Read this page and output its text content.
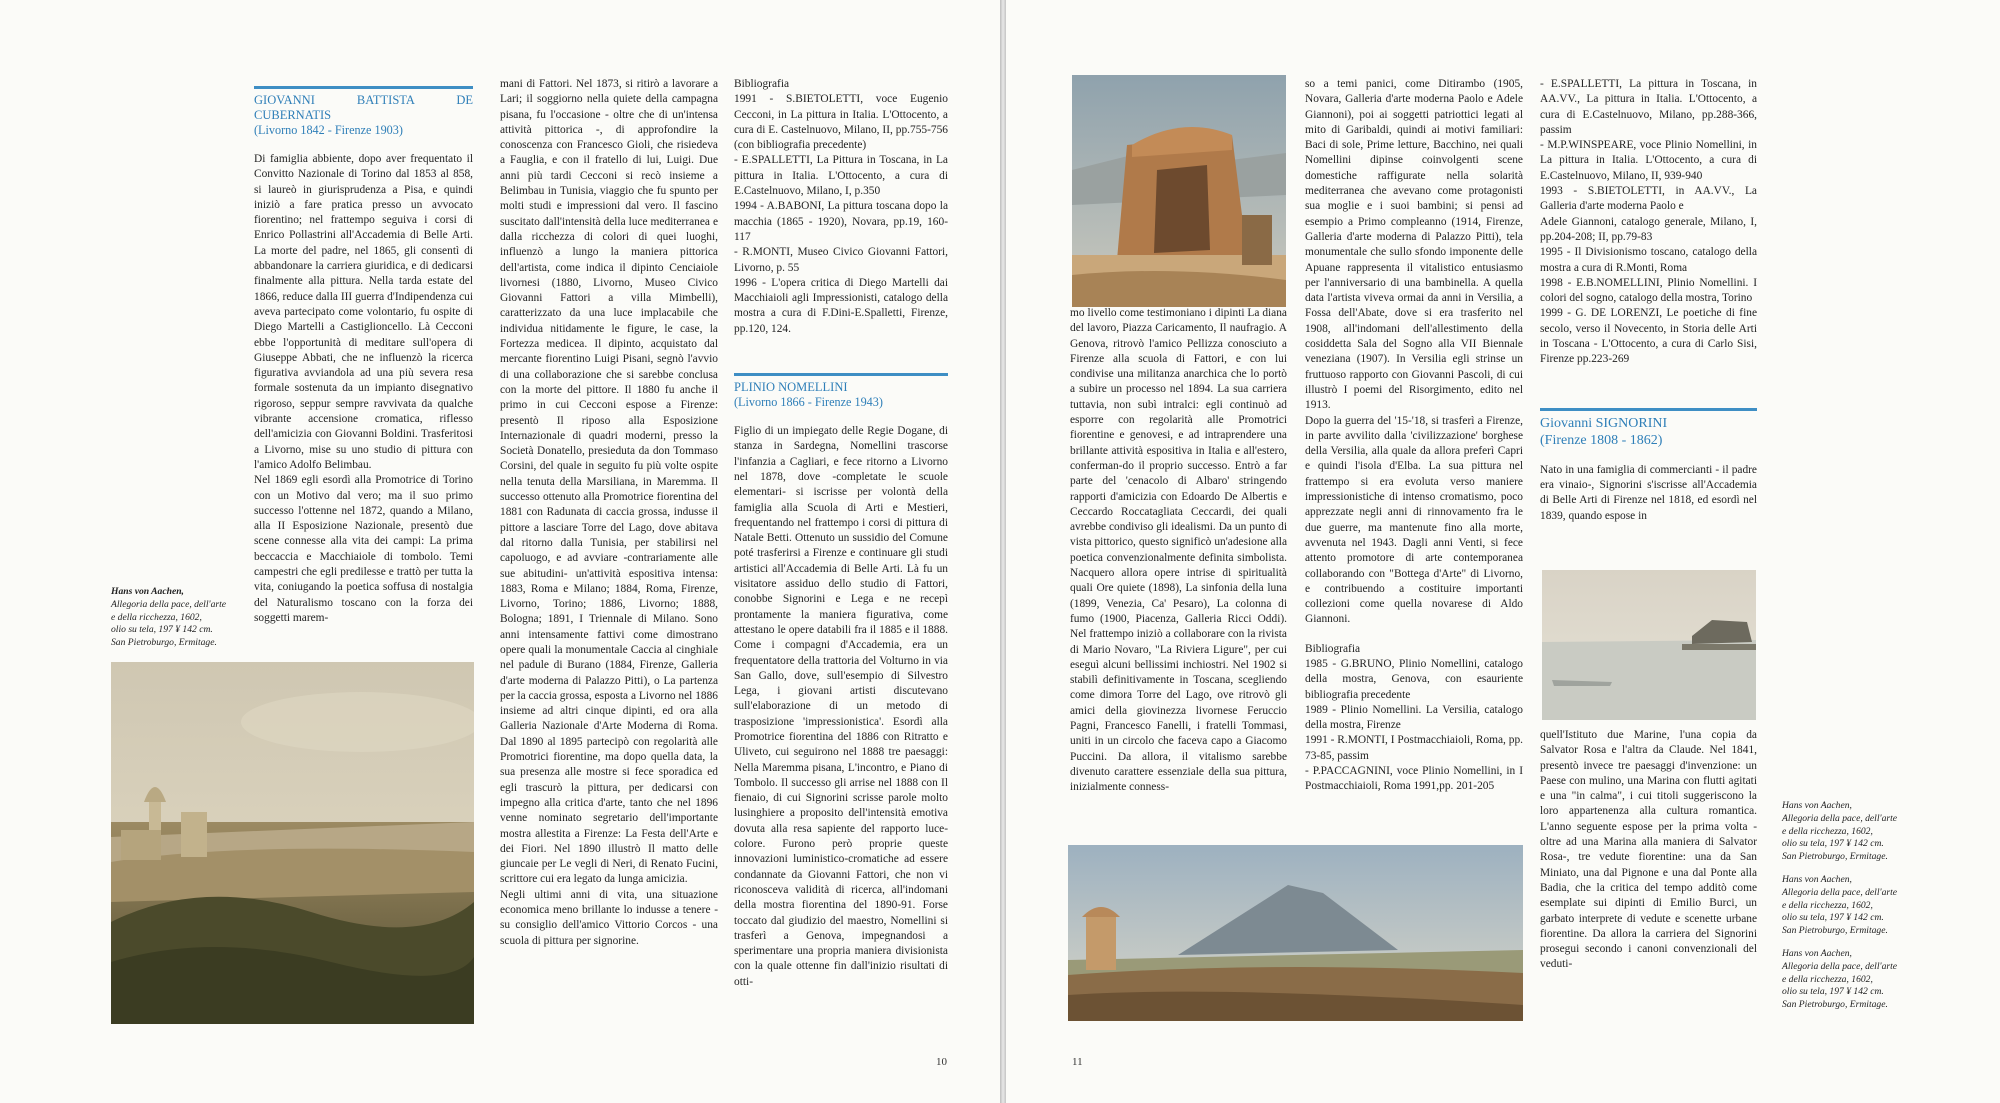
Hans von Aachen,
Allegoria della pace, dell'arte
e della ricchezza, 1602,
olio su tela, 197 ¥ 142 cm.
San Pietroburgo, Ermitage.
GIOVANNI BATTISTA DE CUBERNATIS
(Livorno 1842 - Firenze 1903)

Di famiglia abbiente, dopo aver frequentato il Convitto Nazionale di Torino dal 1853 al 858, si laureò in giurisprudenza a Pisa, e quindi iniziò a fare pratica presso un avvocato fiorentino; nel frattempo seguiva i corsi di Enrico Pollastrini all'Accademia di Belle Arti. La morte del padre, nel 1865, gli consentì di abbandonare la carriera giuridica, e di dedicarsi finalmente alla pittura. Nella tarda estate del 1866, reduce dalla III guerra d'Indipendenza cui aveva partecipato come volontario, fu ospite di Diego Martelli a Castiglioncello. Là Cecconi ebbe l'opportunità di meditare sull'opera di Giuseppe Abbati, che ne influenzò la ricerca figurativa avviandola ad una più severa resa formale sostenuta da un impianto disegnativo rigoroso, seppur sempre ravvivata da qualche vibrante accensione cromatica, riflesso dell'amicizia con Giovanni Boldini. Trasferitosi a Livorno, mise su uno studio di pittura con l'amico Adolfo Belimbau.
Nel 1869 egli esordì alla Promotrice di Torino con un Motivo dal vero; ma il suo primo successo l'ottenne nel 1872, quando a Milano, alla II Esposizione Nazionale, presentò due scene connesse alla vita dei campi: La prima beccaccia e Macchiaiole di tombolo. Temi campestri che egli predilesse e trattò per tutta la vita, coniugando la poetica soffusa di nostalgia del Naturalismo toscano con la forza dei soggetti marem-

mani di Fattori. Nel 1873, si ritirò a lavorare a Lari; il soggiorno nella quiete della campagna pisana, fu l'occasione - oltre che di un'intensa attività pittorica -, di approfondire la conoscenza con Francesco Gioli, che risiedeva a Fauglia, e con il fratello di lui, Luigi. Due anni più tardi Cecconi si recò insieme a Belimbau in Tunisia, viaggio che fu spunto per molti studi e impressioni dal vero. Il fascino suscitato dall'intensità della luce mediterranea e dalla ricchezza di colori di quei luoghi, influenzò a lungo la maniera pittorica dell'artista, come indica il dipinto Cenciaiole livornesi (1880, Livorno, Museo Civico Giovanni Fattori a villa Mimbelli), caratterizzato da una luce implacabile che individua nitidamente le figure, le case, la Fortezza medicea. Il dipinto, acquistato dal mercante fiorentino Luigi Pisani, segnò l'avvio di una collaborazione che si sarebbe conclusa con la morte del pittore. Il 1880 fu anche il primo in cui Cecconi espose a Firenze: presentò Il riposo alla Esposizione Internazionale di quadri moderni, presso la Società Donatello, presieduta da don Tommaso Corsini, del quale in seguito fu più volte ospite nella tenuta della Marsiliana, in Maremma. Il successo ottenuto alla Promotrice fiorentina del 1881 con Radunata di caccia grossa, indusse il pittore a lasciare Torre del Lago, dove abitava dal ritorno dalla Tunisia, per stabilirsi nel capoluogo, e ad avviare -contrariamente alle sue abitudini- un'attività espositiva intensa: 1883, Roma e Milano; 1884, Roma, Firenze, Livorno, Torino; 1886, Livorno; 1888, Bologna; 1891, I Triennale di Milano. Sono anni intensamente fattivi come dimostrano opere quali la monumentale Caccia al cinghiale nel padule di Burano (1884, Firenze, Galleria d'arte moderna di Palazzo Pitti), o La partenza per la caccia grossa, esposta a Livorno nel 1886 insieme ad altri cinque dipinti, ed ora alla Galleria Nazionale d'Arte Moderna di Roma. Dal 1890 al 1895 partecipò con regolarità alle Promotrici fiorentine, ma dopo quella data, la sua presenza alle mostre si fece sporadica ed egli trascurò la pittura, per dedicarsi con impegno alla critica d'arte, tanto che nel 1896 venne nominato segretario dell'importante mostra allestita a Firenze: La Festa dell'Arte e dei Fiori. Nel 1890 illustrò Il matto delle giuncaie per Le vegli di Neri, di Renato Fucini, scrittore cui era legato da lunga amicizia.
Negli ultimi anni di vita, una situazione economica meno brillante lo indusse a tenere - su consiglio dell'amico Vittorio Corcos - una scuola di pittura per signorine.

Bibliografia
1991 - S.BIETOLETTI, voce Eugenio Cecconi, in La pittura in Italia. L'Ottocento, a cura di E. Castelnuovo, Milano, II, pp.755-756 (con bibliografia precedente)
- E.SPALLETTI, La Pittura in Toscana, in La pittura in Italia. L'Ottocento, a cura di E.Castelnuovo, Milano, I, p.350
1994 - A.BABONI, La pittura toscana dopo la macchia (1865 - 1920), Novara, pp.19, 160-117
- R.MONTI, Museo Civico Giovanni Fattori, Livorno, p. 55
1996 - L'opera critica di Diego Martelli dai Macchiaioli agli Impressionisti, catalogo della mostra a cura di F.Dini-E.Spalletti, Firenze, pp.120, 124.

PLINIO NOMELLINI
(Livorno 1866 - Firenze 1943)

Figlio di un impiegato delle Regie Dogane, di stanza in Sardegna, Nomellini trascorse l'infanzia a Cagliari, e fece ritorno a Livorno nel 1878, dove -completate le scuole elementari- si iscrisse per volontà della famiglia alla Scuola di Arti e Mestieri, frequentando nel frattempo i corsi di pittura di Natale Betti. Ottenuto un sussidio del Comune poté trasferirsi a Firenze e continuare gli studi artistici all'Accademia di Belle Arti. Là fu un visitatore assiduo dello studio di Fattori, conobbe Signorini e Lega e ne recepì prontamente la maniera figurativa, come attestano le opere databili fra il 1885 e il 1888. Come i compagni d'Accademia, era un frequentatore della trattoria del Volturno in via San Gallo, dove, sull'esempio di Silvestro Lega, i giovani artisti discutevano sull'elaborazione di un metodo di trasposizione 'impressionistica'. Esordì alla Promotrice fiorentina del 1886 con Ritratto e Uliveto, cui seguirono nel 1888 tre paesaggi: Nella Maremma pisana, L'incontro, e Piano di Tombolo. Il successo gli arrise nel 1888 con Il fienaio, di cui Signorini scrisse parole molto lusinghiere a proposito dell'intensità emotiva dovuta alla resa sapiente del rapporto luce-colore. Furono però proprie queste innovazioni luministico-cromatiche ad essere condannate da Giovanni Fattori, che non vi riconosceva validità di ricerca, all'indomani della mostra fiorentina del 1890-91. Forse toccato dal giudizio del maestro, Nomellini si trasferì a Genova, impegnandosi a sperimentare una propria maniera divisionista con la quale ottenne fin dall'inizio risultati di otti-

10

mo livello come testimoniano i dipinti La diana del lavoro, Piazza Caricamento, Il naufragio. A Genova, ritrovò l'amico Pellizza conosciuto a Firenze alla scuola di Fattori, e con lui condivise una militanza anarchica che lo portò a subire un processo nel 1894. La sua carriera tuttavia, non subì intralci: egli continuò ad esporre con regolarità alle Promotrici fiorentine e genovesi, e ad intraprendere una brillante attività espositiva in Italia e all'estero, conferman-do il proprio successo. Entrò a far parte del 'cenacolo di Albaro' stringendo rapporti d'amicizia con Edoardo De Albertis e Ceccardo Roccatagliata Ceccardi, dei quali avrebbe condiviso gli idealismi. Da un punto di vista pittorico, questo significò un'adesione alla poetica convenzionalmente definita simbolista. Nacquero allora opere intrise di spiritualità quali Ore quiete (1898), La sinfonia della luna (1899, Venezia, Ca' Pesaro), La colonna di fumo (1900, Piacenza, Galleria Ricci Oddi). Nel frattempo iniziò a collaborare con la rivista di Mario Novaro, "La Riviera Ligure", per cui eseguì alcuni bellissimi inchiostri. Nel 1902 si stabilì definitivamente in Toscana, scegliendo come dimora Torre del Lago, ove ritrovò gli amici della giovinezza livornese Feruccio Pagni, Francesco Fanelli, i fratelli Tommasi, uniti in un circolo che faceva capo a Giacomo Puccini. Da allora, il vitalismo sarebbe divenuto carattere essenziale della sua pittura, inizialmente conness-

so a temi panici, come Ditirambo (1905, Novara, Galleria d'arte moderna Paolo e Adele Giannoni), poi ai soggetti patriottici legati al mito di Garibaldi, quindi ai motivi familiari: Baci di sole, Prime letture, Bacchino, nei quali Nomellini dipinse coinvolgenti scene domestiche raffigurate nella solarità mediterranea che avevano come protagonisti sua moglie e i suoi bambini; si pensi ad esempio a Primo compleanno (1914, Firenze, Galleria d'arte moderna di Palazzo Pitti), tela monumentale che sullo sfondo imponente delle Apuane rappresenta il vitalistico entusiasmo per l'anniversario di una bambinella. A quella data l'artista viveva ormai da anni in Versilia, a Fossa dell'Abate, dove si era trasferito nel 1908, all'indomani dell'allestimento della cosiddetta Sala del Sogno alla VII Biennale veneziana (1907). In Versilia egli strinse un fruttuoso rapporto con Giovanni Pascoli, di cui illustrò I poemi del Risorgimento, edito nel 1913.
Dopo la guerra del '15-'18, si trasferì a Firenze, in parte avvilito dalla 'civilizzazione' borghese della Versilia, alla quale da allora preferì Capri e quindi l'isola d'Elba. La sua pittura nel frattempo si era evoluta verso maniere impressionistiche di intenso cromatismo, poco apprezzate negli anni di rinnovamento fra le due guerre, ma mantenute fino alla morte, avvenuta nel 1943. Dagli anni Venti, si fece attento promotore di arte contemporanea collaborando con "Bottega d'Arte" di Livorno, e contribuendo a costituire importanti collezioni come quella novarese di Aldo Giannoni.

Bibliografia
1985 - G.BRUNO, Plinio Nomellini, catalogo della mostra, Genova, con esauriente bibliografia precedente
1989 - Plinio Nomellini. La Versilia, catalogo della mostra, Firenze
1991 - R.MONTI, I Postmacchiaioli, Roma, pp. 73-85, passim
- P.PACCAGNINI, voce Plinio Nomellini, in I Postmacchiaioli, Roma 1991,pp. 201-205

- E.SPALLETTI, La pittura in Toscana, in AA.VV., La pittura in Italia. L'Ottocento, a cura di E.Castelnuovo, Milano, pp.288-366, passim
- M.P.WINSPEARE, voce Plinio Nomellini, in La pittura in Italia. L'Ottocento, a cura di E.Castelnuovo, Milano, II, 939-940
1993 - S.BIETOLETTI, in AA.VV., La Galleria d'arte moderna Paolo e
Adele Giannoni, catalogo generale, Milano, I, pp.204-208; II, pp.79-83
1995 - Il Divisionismo toscano, catalogo della mostra a cura di R.Monti, Roma
1998 - E.B.NOMELLINI, Plinio Nomellini. I colori del sogno, catalogo della mostra, Torino
1999 - G. DE LORENZI, Le poetiche di fine secolo, verso il Novecento, in Storia delle Arti in Toscana - L'Ottocento, a cura di Carlo Sisi, Firenze pp.223-269

Giovanni SIGNORINI
(Firenze 1808 - 1862)

Nato in una famiglia di commercianti - il padre era vinaio-, Signorini s'iscrisse all'Accademia di Belle Arti di Firenze nel 1818, ed esordì nel 1839, quando espose in

quell'Istituto due Marine, l'una copia da Salvator Rosa e l'altra da Claude. Nel 1841, presentò invece tre paesaggi d'invenzione: un Paese con mulino, una Marina con flutti agitati e una "in calma", i cui titoli suggeriscono la loro appartenenza alla cultura romantica. L'anno seguente espose per la prima volta -oltre ad una Marina alla maniera di Salvator Rosa-, tre vedute fiorentine: una da San Miniato, una dal Pignone e una dal Ponte alla Badia, che la critica del tempo additò come esemplate sui dipinti di Emilio Burci, un garbato interprete di vedute e scenette urbane fiorentine. Da allora la carriera del Signorini prosegui secondo i canoni convenzionali del veduti-

Hans von Aachen,
Allegoria della pace, dell'arte
e della ricchezza, 1602,
olio su tela, 197 ¥ 142 cm.
San Pietroburgo, Ermitage.
Hans von Aachen,
Allegoria della pace, dell'arte
e della ricchezza, 1602,
olio su tela, 197 ¥ 142 cm.
San Pietroburgo, Ermitage.
Hans von Aachen,
Allegoria della pace, dell'arte
e della ricchezza, 1602,
olio su tela, 197 ¥ 142 cm.
San Pietroburgo, Ermitage.
11
